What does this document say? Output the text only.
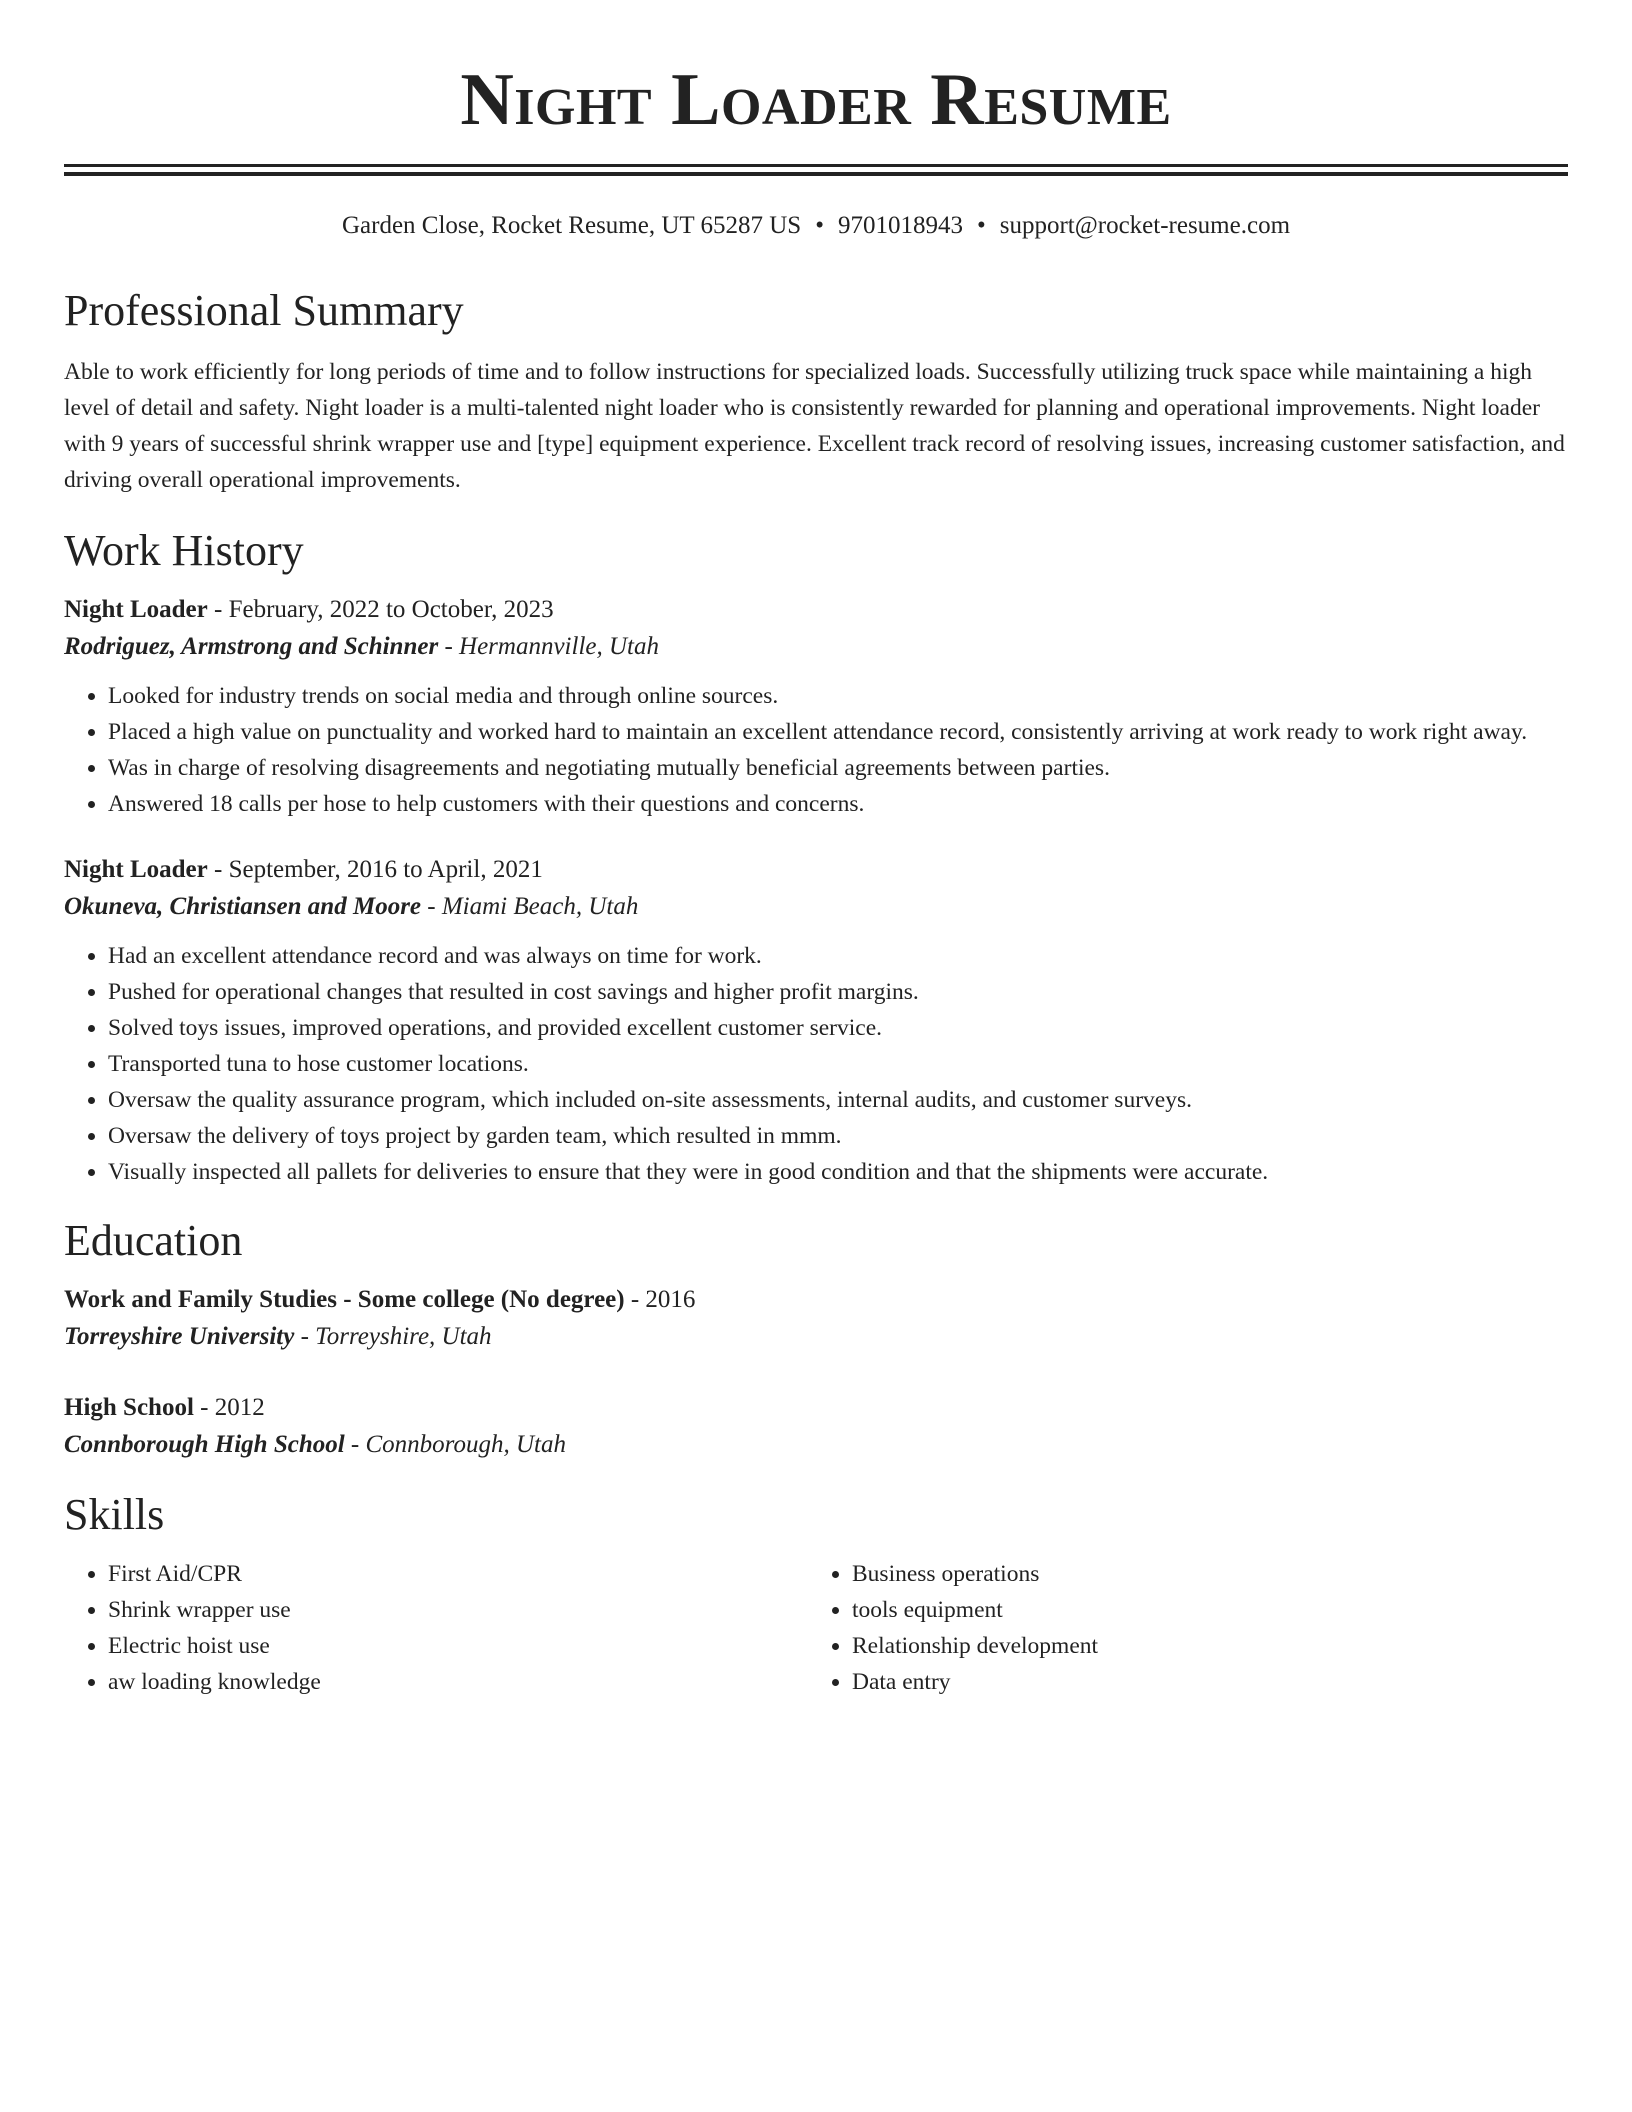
Night Loader Resume
Garden Close, Rocket Resume, UT 65287 US • 9701018943 • support@rocket-resume.com
Professional Summary
Able to work efficiently for long periods of time and to follow instructions for specialized loads. Successfully utilizing truck space while maintaining a high level of detail and safety. Night loader is a multi-talented night loader who is consistently rewarded for planning and operational improvements. Night loader with 9 years of successful shrink wrapper use and [type] equipment experience. Excellent track record of resolving issues, increasing customer satisfaction, and driving overall operational improvements.
Work History
Night Loader - February, 2022 to October, 2023
Rodriguez, Armstrong and Schinner - Hermannville, Utah
• Looked for industry trends on social media and through online sources.
• Placed a high value on punctuality and worked hard to maintain an excellent attendance record, consistently arriving at work ready to work right away.
• Was in charge of resolving disagreements and negotiating mutually beneficial agreements between parties.
• Answered 18 calls per hose to help customers with their questions and concerns.
Night Loader - September, 2016 to April, 2021
Okuneva, Christiansen and Moore - Miami Beach, Utah
• Had an excellent attendance record and was always on time for work.
• Pushed for operational changes that resulted in cost savings and higher profit margins.
• Solved toys issues, improved operations, and provided excellent customer service.
• Transported tuna to hose customer locations.
• Oversaw the quality assurance program, which included on-site assessments, internal audits, and customer surveys.
• Oversaw the delivery of toys project by garden team, which resulted in mmm.
• Visually inspected all pallets for deliveries to ensure that they were in good condition and that the shipments were accurate.
Education
Work and Family Studies - Some college (No degree) - 2016
Torreyshire University - Torreyshire, Utah
High School - 2012
Connborough High School - Connborough, Utah
Skills
• First Aid/CPR
• Shrink wrapper use
• Electric hoist use
• aw loading knowledge
• Business operations
• tools equipment
• Relationship development
• Data entry
